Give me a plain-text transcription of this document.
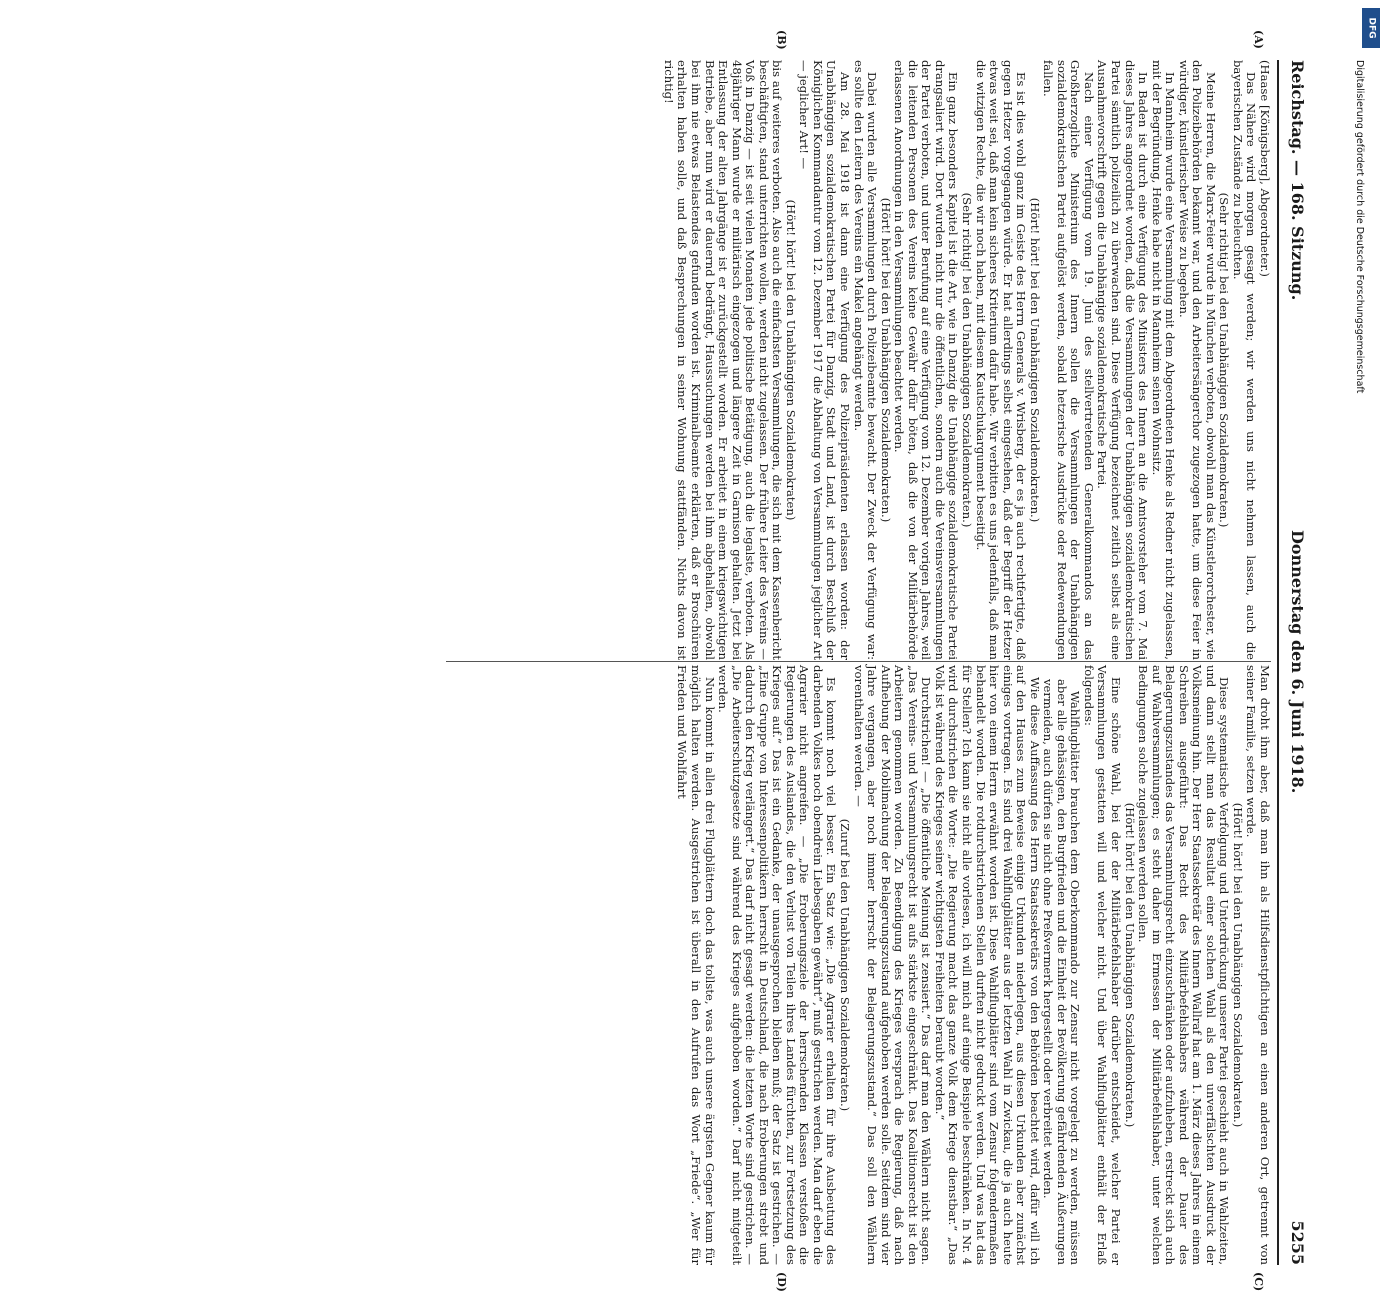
Reichstag. — 168. Sitzung.
Donnerstag den 6. Juni 1918.
5255
(A)
(B)
(C)
(D)

(Haase [Königsberg], Abgeordneter.)

Das Nähere wird morgen gesagt werden; wir werden uns nicht nehmen lassen, auch die bayerischen Zustände zu beleuchten.

(Sehr richtig! bei den Unabhängigen Sozialdemokraten.)

Meine Herren, die Marx-Feier wurde in München verboten, obwohl man das Künstlerorchester, wie den Polizeibehörden bekannt war, und den Arbeitersängerchor zugezogen hatte, um diese Feier in würdiger, künstlerischer Weise zu begehen.

In Mannheim wurde eine Versammlung mit dem Abgeordneten Henke als Redner nicht zugelassen, mit der Begründung, Henke habe nicht in Mannheim seinen Wohnsitz.

In Baden ist durch eine Verfügung des Ministers des Innern an die Amtsvorsteher vom 7. Mai dieses Jahres angeordnet worden, daß die Versammlungen der Unabhängigen sozialdemokratischen Partei sämtlich polizeilich zu überwachen sind. Diese Verfügung bezeichnet zeitlich selbst als eine Ausnahmevorschrift gegen die Unabhängige sozialdemokratische Partei.

Nach einer Verfügung vom 19. Juni des stellvertretenden Generalkommandos an das Großherzogliche Ministerium des Innern sollen die Versammlungen der Unabhängigen sozialdemokratischen Partei aufgelöst werden, sobald hetzerische Ausdrücke oder Redewendungen fallen.

(Hört! hört! bei den Unabhängigen Sozialdemokraten.)

Es ist dies wohl ganz im Geiste des Herrn Generals v. Wrisberg, der es ja auch rechtfertigte, daß gegen Hetzer vorgegangen würde. Er hat allerdings selbst eingestehen, daß der Begriff der Hetzer etwas weit sei, daß man kein sicheres Kriterium dafür habe. Wir verbitten es uns jedenfalls, daß man die witzigen Rechte, die wir noch haben, mit diesem Kautschukargument beseitigt.

(Sehr richtig! bei den Unabhängigen Sozialdemokraten.)

Ein ganz besonders Kapitel ist die Art, wie in Danzig die Unabhängige sozialdemokratische Partei drangsaliert wird. Dort wurden nicht nur die öffentlichen, sondern auch die Vereinsversammlungen der Partei verboten, und unter Berufung auf eine Verfügung vom 12. Dezember vorigen Jahres, weil die leitenden Personen des Vereins keine Gewähr dafür böten, daß die von der Militärbehörde erlassenen Anordnungen in den Versammlungen beachtet werden.

(Hört! hört! bei den Unabhängigen Sozialdemokraten.)

Dabei wurden alle Versammlungen durch Polizeibeamte bewacht. Der Zweck der Verfügung war: es sollte den Leitern des Vereins ein Makel angehängt werden.

Am 28. Mai 1918 ist dann eine Verfügung des Polizeipräsidenten erlassen worden: der Unabhängigen sozialdemokratischen Partei für Danzig, Stadt und Land, ist durch Beschluß der Königlichen Kommandantur vom 12. Dezember 1917 die Abhaltung von Versammlungen jeglicher Art — jeglicher Art! —

(Hört! hört! bei den Unabhängigen Sozialdemokraten)

bis auf weiteres verboten. Also auch die einfachsten Versammlungen, die sich mit dem Kassenbericht beschäftigten, stand unterrichten wollen, werden nicht zugelassen. Der frühere Leiter des Vereins — Voß in Danzig — ist seit vielen Monaten jede politische Betätigung, auch die legalste, verboten. Als 48jähriger Mann wurde er militärisch eingezogen und längere Zeit in Garnison gehalten. Jetzt bei Entlassung der alten Jahrgänge ist er zurückgestellt worden. Er arbeitet in einem kriegswichtigen Betriebe, aber nun wird er dauernd bedrängt, Haussuchungen werden bei ihm abgehalten, obwohl bei ihm nie etwas Belastendes gefunden worden ist. Kriminalbeamte erklärten, daß er Broschüren erhalten haben solle, und daß Besprechungen in seiner Wohnung stattfänden. Nichts davon ist richtig!

Man droht ihm aber, daß man ihn als Hilfsdienstpflichtigen an einen anderen Ort, getrennt von seiner Familie, setzen werde.

(Hört! hört! bei den Unabhängigen Sozialdemokraten.)

Diese systematische Verfolgung und Unterdrückung unserer Partei geschieht auch in Wahlzeiten, und dann stellt man das Resultat einer solchen Wahl als den unverfälschten Ausdruck der Volksmeinung hin. Der Herr Staatssekretär des Innern Wallraf hat am 1. März dieses Jahres in einem Schreiben ausgeführt: Das Recht des Militärbefehlshabers während der Dauer des Belagerungszustandes das Versammlungsrecht einzuschränken oder aufzuheben, erstreckt sich auch auf Wahlversammlungen; es steht daher im Ermessen der Militärbefehlshaber, unter welchen Bedingungen solche zugelassen werden sollen.

(Hört! hört! bei den Unabhängigen Sozialdemokraten.)

Eine schöne Wahl, bei der der Militärbefehlshaber darüber entscheidet, welcher Partei er Versammlungen gestatten will und welcher nicht. Und über Wahlflugblätter enthält der Erlaß folgendes:

Wahlflugblätter brauchen dem Oberkommando zur Zensur nicht vorgelegt zu werden, müssen aber alle gehässigen, den Burgfrieden und die Einheit der Bevölkerung gefährdenden Äußerungen vermeiden, auch dürfen sie nicht ohne Preßvermerk hergestellt oder verbreitet werden.

Wie diese Auffassung des Herrn Staatssekretärs von den Behörden beachtet wird, dafür will ich auf den Hauses zum Beweise einige Urkunden niederlegen, aus diesen Urkunden aber zunächst einiges vortragen. Es sind drei Wahlflugblätter aus der letzten Wahl in Zwickau, die ja auch heute hier von einem Herrn erwähnt worden ist. Diese Wahlflugblätter sind vom Zensur folgendermaßen behandelt worden. Die rotdurchstrichenen Stellen durften nicht gedruckt werden. Und was hat das für Stellen? Ich kann sie nicht alle vorlesen, ich will mich auf einige Beispiele beschränken. In Nr. 4 wird durchstrichen die Worte: „Die Regierung macht das ganze Volk dem Kriege dienstbar.“ „Das Volk ist während des Krieges seiner wichtigsten Freiheiten beraubt worden.“

Durchstrichen! — „Die öffentliche Meinung ist zensiert.“ Das darf man den Wählern nicht sagen. „Das Vereins- und Versammlungsrecht ist aufs stärkste eingeschränkt. Das Koalitionsrecht ist den Arbeitern genommen worden. Zu Beendigung des Krieges versprach die Regierung, daß nach Aufhebung der Mobilmachung der Belagerungszustand aufgehoben werden solle. Seitdem sind vier Jahre vergangen, aber noch immer herrscht der Belagerungszustand.“ Das soll den Wählern vorenthalten werden. —

(Zuruf bei den Unabhängigen Sozialdemokraten.)

Es kommt noch viel besser. Ein Satz wie: „Die Agrarier erhalten für ihre Ausbeutung des darbenden Volkes noch obendrein Liebesgaben gewährt“, muß gestrichen werden. Man darf eben die Agrarier nicht angreifen. — „Die Eroberungsziele der herrschenden Klassen verstoßen die Regierungen des Auslandes, die den Verlust von Teilen ihres Landes fürchten, zur Fortsetzung des Krieges auf.“ Das ist ein Gedanke, der unausgesprochen bleiben muß; der Satz ist gestrichen. — „Eine Gruppe von Interessenpolitikern herrscht in Deutschland, die nach Eroberungen strebt und dadurch den Krieg verlängert.“ Das darf nicht gesagt werden: die letzten Worte sind gestrichen. — „Die Arbeiterschutzgesetze sind während des Krieges aufgehoben worden.“ Darf nicht mitgeteilt werden.

Nun kommt in allen drei Flugblättern doch das tollste, was auch unsere ärgsten Gegner kaum für möglich halten werden. Ausgestrichen ist überall in den Aufrufen das Wort „Friede“. „Wer für Frieden und Wohlfahrt

DFG
Digitalisierung gefördert durch die Deutsche Forschungsgemeinschaft
